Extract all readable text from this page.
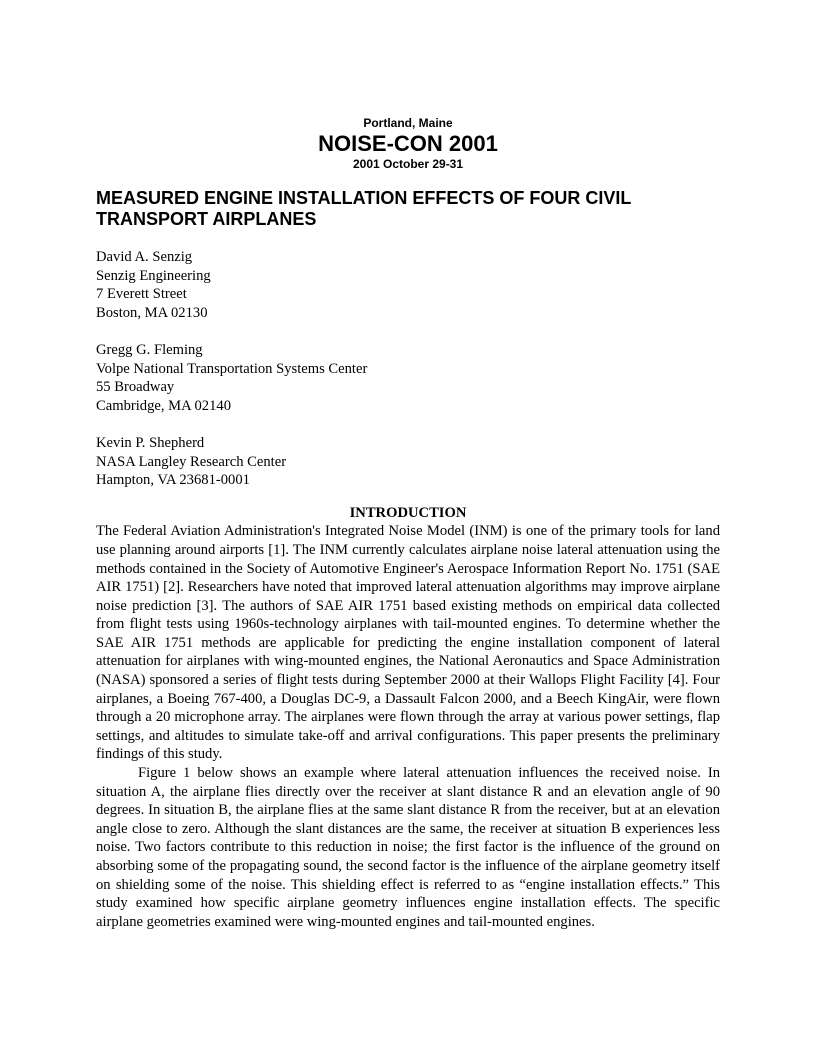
Portland, Maine
NOISE-CON 2001
2001 October 29-31
MEASURED ENGINE INSTALLATION EFFECTS OF FOUR CIVIL TRANSPORT AIRPLANES
David A. Senzig
Senzig Engineering
7 Everett Street
Boston, MA 02130
Gregg G. Fleming
Volpe National Transportation Systems Center
55 Broadway
Cambridge, MA 02140
Kevin P. Shepherd
NASA Langley Research Center
Hampton, VA 23681-0001
INTRODUCTION

The Federal Aviation Administration's Integrated Noise Model (INM) is one of the primary tools for land use planning around airports [1]. The INM currently calculates airplane noise lateral attenuation using the methods contained in the Society of Automotive Engineer's Aerospace Information Report No. 1751 (SAE AIR 1751) [2]. Researchers have noted that improved lateral attenuation algorithms may improve airplane noise prediction [3]. The authors of SAE AIR 1751 based existing methods on empirical data collected from flight tests using 1960s-technology airplanes with tail-mounted engines. To determine whether the SAE AIR 1751 methods are applicable for predicting the engine installation component of lateral attenuation for airplanes with wing-mounted engines, the National Aeronautics and Space Administration (NASA) sponsored a series of flight tests during September 2000 at their Wallops Flight Facility [4]. Four airplanes, a Boeing 767-400, a Douglas DC-9, a Dassault Falcon 2000, and a Beech KingAir, were flown through a 20 microphone array. The airplanes were flown through the array at various power settings, flap settings, and altitudes to simulate take-off and arrival configurations. This paper presents the preliminary findings of this study.

Figure 1 below shows an example where lateral attenuation influences the received noise. In situation A, the airplane flies directly over the receiver at slant distance R and an elevation angle of 90 degrees. In situation B, the airplane flies at the same slant distance R from the receiver, but at an elevation angle close to zero. Although the slant distances are the same, the receiver at situation B experiences less noise. Two factors contribute to this reduction in noise; the first factor is the influence of the ground on absorbing some of the propagating sound, the second factor is the influence of the airplane geometry itself on shielding some of the noise. This shielding effect is referred to as “engine installation effects.” This study examined how specific airplane geometry influences engine installation effects. The specific airplane geometries examined were wing-mounted engines and tail-mounted engines.
